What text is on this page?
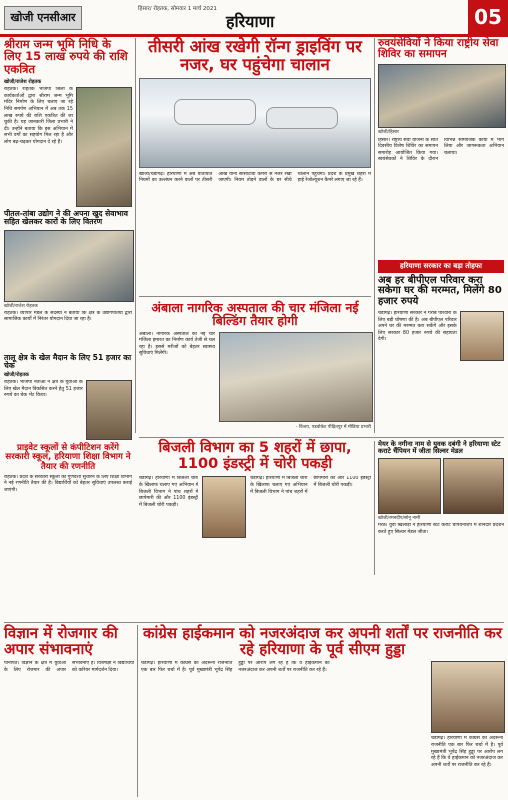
खोजी एनसीआर
हिसार/ रोहतक, सोमवार 1 मार्च 2021
हरियाणा	05
श्रीराम जन्म भूमि निधि के लिए 15 लाख रुपये की राशि एकत्रित
खोजी/राजेश रोहतक
रोहतक। रोहतक भाजपा जिला के कार्यकर्ताओं द्वारा श्रीराम जन्म भूमि मंदिर निर्माण के लिए चलाए जा रहे निधि समर्पण अभियान में अब तक 15 लाख रुपये की राशि एकत्रित की जा चुकी है। यह जानकारी जिला प्रभारी ने दी। उन्होंने बताया कि इस अभियान में सभी वर्गों का सहयोग मिल रहा है और लोग बढ़-चढ़कर योगदान दे रहे हैं।
पीतल-तांबा उद्योग ने की अपना खुद सेवाभाव सहित खेलकर कारों के लिए वितरण
खोजी/राजेश रोहतक
रोहतक। व्यापार मंडल के सदस्यों ने बताया कि क्षेत्र के उद्योगपतियों द्वारा सामाजिक कार्यों में निरंतर योगदान दिया जा रहा है।
तालू क्षेत्र के खेल मैदान के लिए 51 हजार का चेक
खोजी/रोहतक
रोहतक। भाजपा नेताओं ने क्षेत्र के युवाओं के लिए खेल मैदान विकसित करने हेतु 51 हजार रुपये का चेक भेंट किया।
प्राइवेट स्कूलों से कंपीटिशन करेंगे सरकारी स्कूल, हरियाणा शिक्षा विभाग ने तैयार की रणनीति
रोहतक। प्रदेश के सरकारी स्कूलों की गुणवत्ता सुधारने के लिए शिक्षा विभाग ने नई रणनीति तैयार की है। विद्यार्थियों को बेहतर सुविधाएं उपलब्ध कराई जाएंगी।
तीसरी आंख रखेगी रॉन्ग ड्राइविंग पर नजर, घर पहुंचेगा चालान
खोजी/चंडीगढ़। हरियाणा में अब यातायात नियमों का उल्लंघन करने वालों पर तीसरी आंख यानी सीसीटीवी कैमरों से नजर रखी जाएगी। नियम तोड़ने वालों के घर सीधे चालान पहुंचेगा। प्रदेश के प्रमुख शहरों में हाई रेजोल्यूशन कैमरे लगाए जा रहे हैं।
अंबाला नागरिक अस्पताल की चार मंजिला नई बिल्डिंग तैयार होगी
अंबाला। नागरिक अस्पताल की नई चार मंजिला इमारत का निर्माण कार्य तेजी से चल रहा है। इससे मरीजों को बेहतर स्वास्थ्य सुविधाएं मिलेंगी।
- विजय, एडवोकेट पीड़ितपुर में मीडिया प्रभारी
रुवयंसेवियों ने किया राष्ट्रीय सेवा शिविर का समापन
खोजी/हिसार
हिसार। राष्ट्रीय सेवा योजना के सात दिवसीय विशेष शिविर का समापन समारोह आयोजित किया गया। स्वयंसेवकों ने शिविर के दौरान विभिन्न सामाजिक कार्यों में भाग लिया और जागरूकता अभियान चलाया।
हरियाणा सरकार का बड़ा तोहफा
अब हर बीपीएल परिवार करा सकेगा घर की मरम्मत, मिलेंगे 80 हजार रुपये
चंडीगढ़। हरियाणा सरकार ने गरीब परिवारों के लिए बड़ी घोषणा की है। अब बीपीएल परिवार अपने घर की मरम्मत करा सकेंगे और इसके लिए सरकार 80 हजार रुपये की सहायता देगी।
बिजली विभाग का 5 शहरों में छापा, 1100 इंडस्ट्री में चोरी पकड़ी
चंडीगढ़। हरियाणा में बिजली चोरी के खिलाफ चलाए गए अभियान में बिजली विभाग ने पांच शहरों में छापेमारी की और 1100 इंडस्ट्री में बिजली चोरी पकड़ी।
चंडीगढ़। हरियाणा में बिजली चोरी के खिलाफ चलाए गए अभियान में बिजली विभाग ने पांच शहरों में छापेमारी की और 1100 इंडस्ट्री में बिजली चोरी पकड़ी।
मेयर के नगीना नाम से युवक दबंगी ने हरियाणा स्टेट कराटे चैंपियन में जीता सिल्वर मेडल
खोजी/रमनदीप/सोनू नामी
मेरठ। युवा खिलाड़ी ने हरियाणा स्टेट कराटे चैंपियनशिप में शानदार प्रदर्शन करते हुए सिल्वर मेडल जीता।
विज्ञान में रोजगार की अपार संभावनाएं
पानीपत। विज्ञान के क्षेत्र में युवाओं के लिए रोजगार की अपार संभावनाएं हैं। विशेषज्ञों ने विद्यार्थियों को करियर मार्गदर्शन दिया।
कांग्रेस हाईकमान को नजरअंदाज कर अपनी शर्तों पर राजनीति कर रहे हरियाणा के पूर्व सीएम हुड्डा
चंडीगढ़। हरियाणा में कांग्रेस की अंदरूनी राजनीति एक बार फिर चर्चा में है। पूर्व मुख्यमंत्री भूपेंद्र सिंह हुड्डा पर आरोप लग रहे हैं कि वे हाईकमान को नजरअंदाज कर अपनी शर्तों पर राजनीति कर रहे हैं।
चंडीगढ़। हरियाणा में कांग्रेस की अंदरूनी राजनीति एक बार फिर चर्चा में है। पूर्व मुख्यमंत्री भूपेंद्र सिंह हुड्डा पर आरोप लग रहे हैं कि वे हाईकमान को नजरअंदाज कर अपनी शर्तों पर राजनीति कर रहे हैं।
